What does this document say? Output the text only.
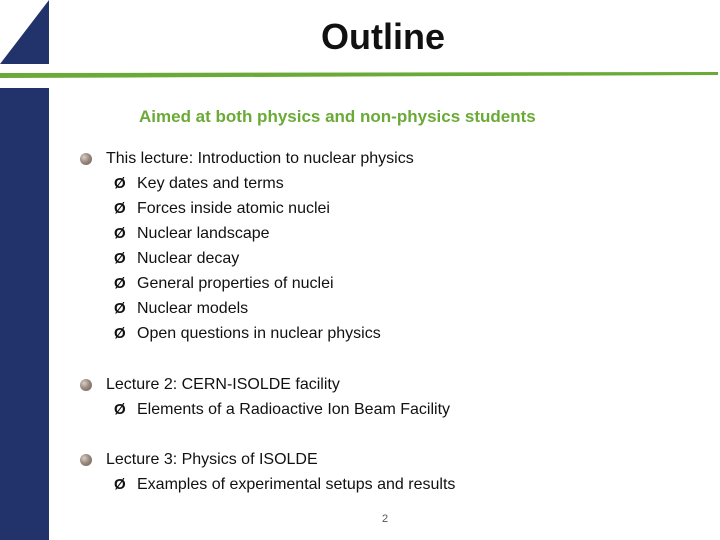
Outline
Aimed at both physics and non-physics students
This lecture: Introduction to nuclear physics
Ø Key dates and terms
Ø Forces inside atomic nuclei
Ø Nuclear landscape
Ø Nuclear decay
Ø General properties of nuclei
Ø Nuclear models
Ø Open questions in nuclear physics
Lecture 2: CERN-ISOLDE facility
Ø Elements of a Radioactive Ion Beam Facility
Lecture 3: Physics of ISOLDE
Ø Examples of experimental setups and results
2
